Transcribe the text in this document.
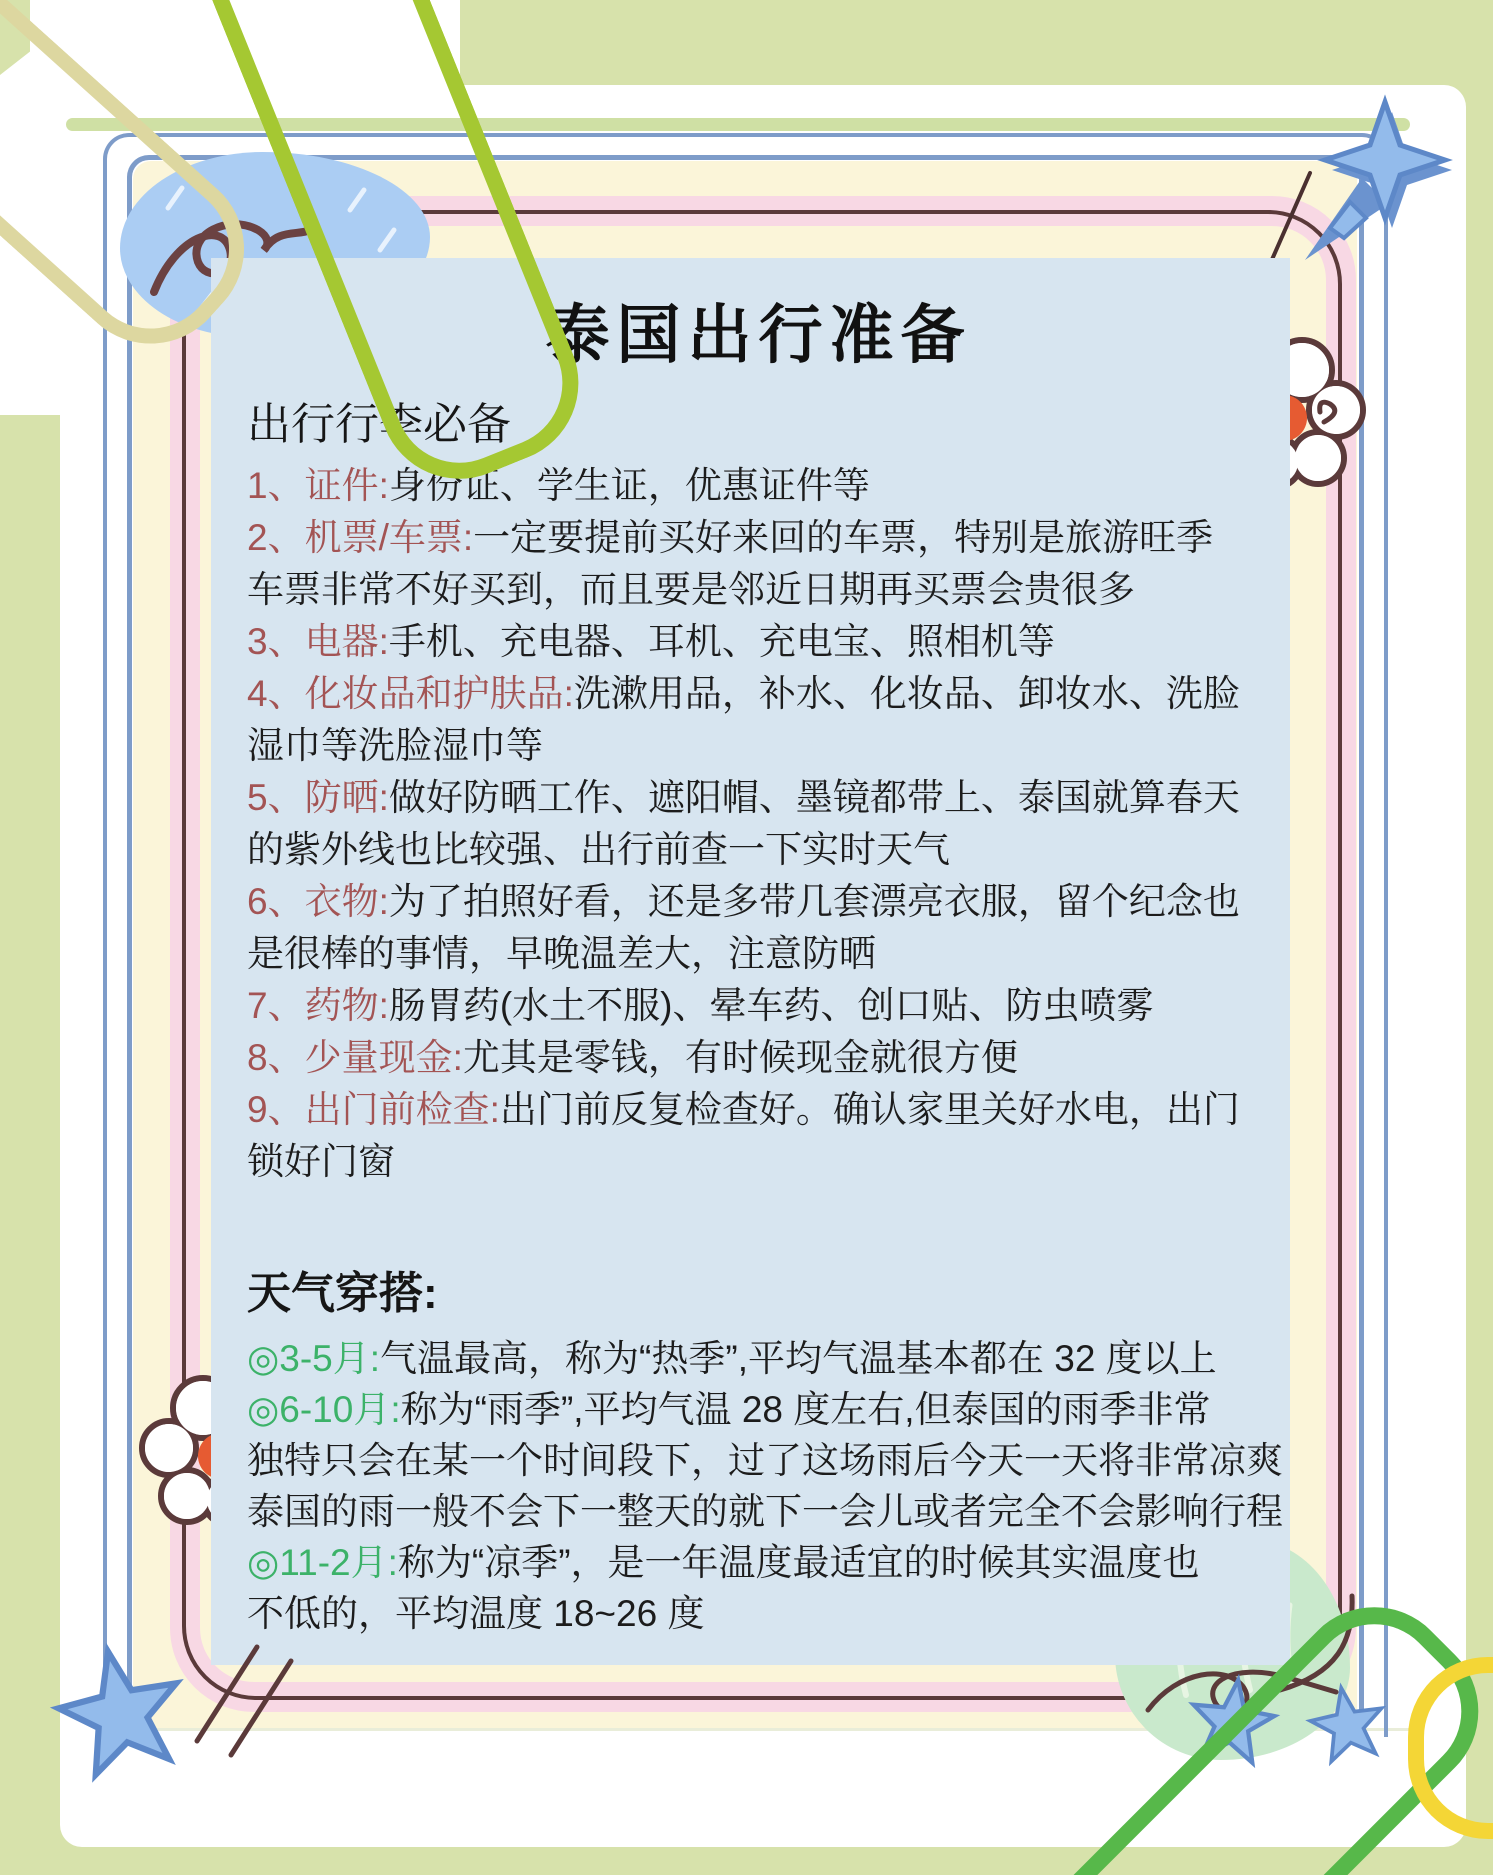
泰国出行准备
出行行李必备
1、证件:身份证、学生证，优惠证件等
2、机票/车票:一定要提前买好来回的车票，特别是旅游旺季
车票非常不好买到，而且要是邻近日期再买票会贵很多
3、电器:手机、充电器、耳机、充电宝、照相机等
4、化妆品和护肤品:洗漱用品，补水、化妆品、卸妆水、洗脸
湿巾等洗脸湿巾等
5、防晒:做好防晒工作、遮阳帽、墨镜都带上、泰国就算春天
的紫外线也比较强、出行前查一下实时天气
6、衣物:为了拍照好看，还是多带几套漂亮衣服，留个纪念也
是很棒的事情，早晚温差大，注意防晒
7、药物:肠胃药(水土不服)、晕车药、创口贴、防虫喷雾
8、少量现金:尤其是零钱，有时候现金就很方便
9、出门前检查:出门前反复检查好。确认家里关好水电，出门
锁好门窗
天气穿搭:
◎3-5月:气温最高，称为“热季”,平均气温基本都在 32 度以上
◎6-10月:称为“雨季”,平均气温 28 度左右,但泰国的雨季非常
独特只会在某一个时间段下，过了这场雨后今天一天将非常凉爽
泰国的雨一般不会下一整天的就下一会儿或者完全不会影响行程
◎11-2月:称为“凉季”，是一年温度最适宜的时候其实温度也
不低的，平均温度 18~26 度
